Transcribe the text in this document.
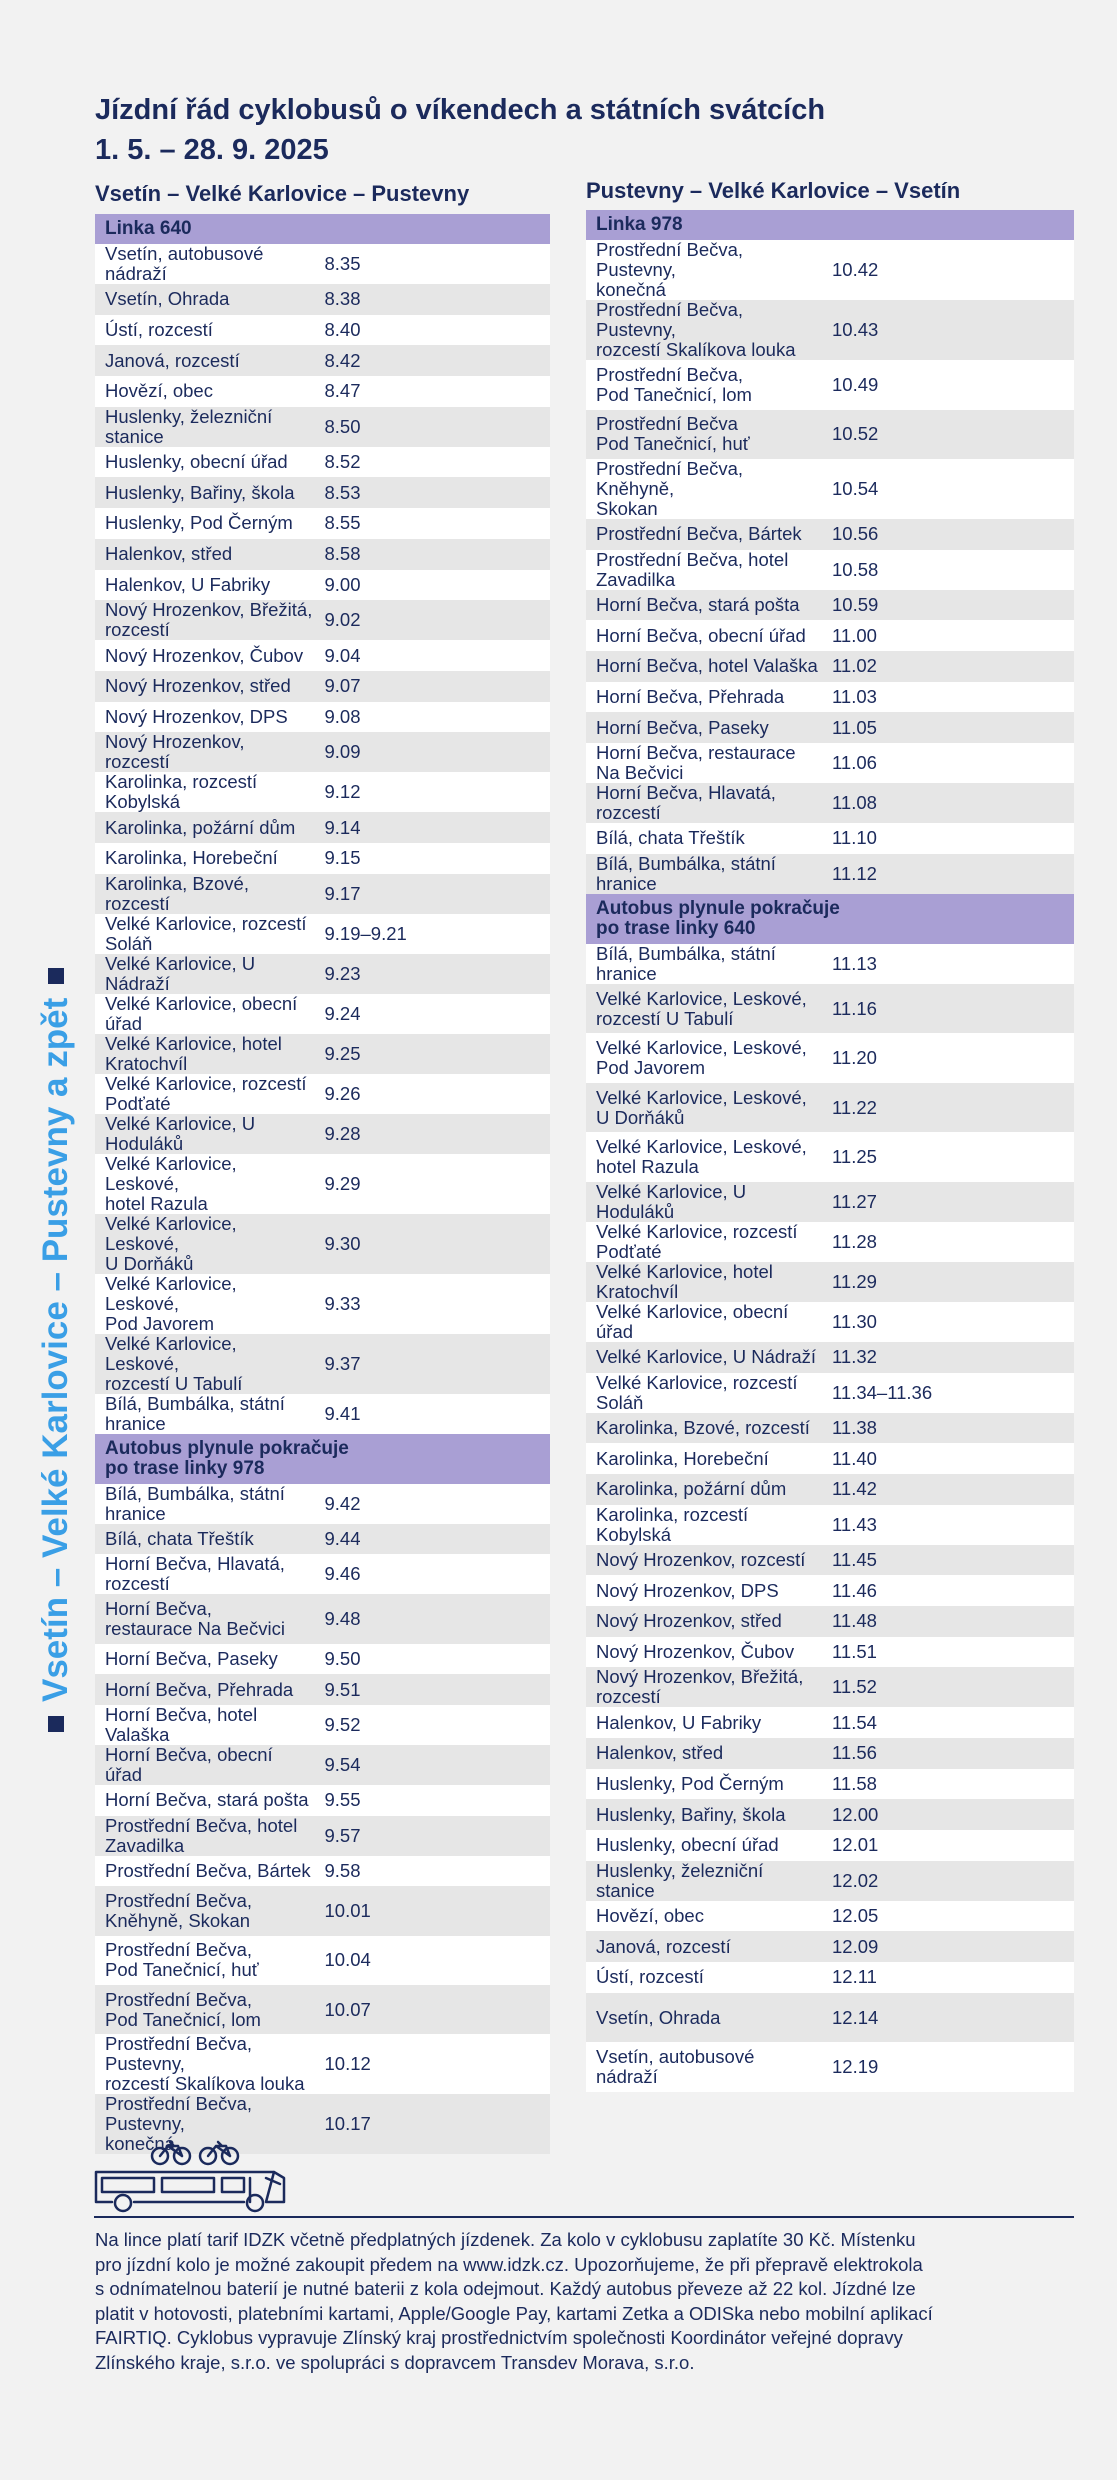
Jízdní řád cyklobusů o víkendech a státních svátcích
1. 5. – 28. 9. 2025
Vsetín – Velké Karlovice – Pustevny
Linka 640	

Vsetín, autobusové nádraží	8.35

Vsetín, Ohrada	8.38

Ústí, rozcestí	8.40

Janová, rozcestí	8.42

Hovězí, obec	8.47

Huslenky, železniční stanice	8.50

Huslenky, obecní úřad	8.52

Huslenky, Bařiny, škola	8.53

Huslenky, Pod Černým	8.55

Halenkov, střed	8.58

Halenkov, U Fabriky	9.00

Nový Hrozenkov, Břežitá, rozcestí	9.02

Nový Hrozenkov, Čubov	9.04

Nový Hrozenkov, střed	9.07

Nový Hrozenkov, DPS	9.08

Nový Hrozenkov, rozcestí	9.09

Karolinka, rozcestí Kobylská	9.12

Karolinka, požární dům	9.14

Karolinka, Horebeční	9.15

Karolinka, Bzové, rozcestí	9.17

Velké Karlovice, rozcestí Soláň	9.19–9.21

Velké Karlovice, U Nádraží	9.23

Velké Karlovice, obecní úřad	9.24

Velké Karlovice, hotel Kratochvíl	9.25

Velké Karlovice, rozcestí Podťaté	9.26

Velké Karlovice, U Hoduláků	9.28

Velké Karlovice, Leskové,
hotel Razula	9.29

Velké Karlovice, Leskové,
U Dorňáků	9.30

Velké Karlovice, Leskové,
Pod Javorem	9.33

Velké Karlovice, Leskové,
rozcestí U Tabulí	9.37

Bílá, Bumbálka, státní hranice	9.41

Autobus plynule pokračuje
po trase linky 978	

Bílá, Bumbálka, státní hranice	9.42

Bílá, chata Třeštík	9.44

Horní Bečva, Hlavatá, rozcestí	9.46

Horní Bečva,
restaurace Na Bečvici	9.48

Horní Bečva, Paseky	9.50

Horní Bečva, Přehrada	9.51

Horní Bečva, hotel Valaška	9.52

Horní Bečva, obecní úřad	9.54

Horní Bečva, stará pošta	9.55

Prostřední Bečva, hotel Zavadilka	9.57

Prostřední Bečva, Bártek	9.58

Prostřední Bečva,
Kněhyně, Skokan	10.01

Prostřední Bečva,
Pod Tanečnicí, huť	10.04

Prostřední Bečva,
Pod Tanečnicí, lom	10.07

Prostřední Bečva, Pustevny,
rozcestí Skalíkova louka	10.12

Prostřední Bečva, Pustevny,
konečná	10.17
Pustevny – Velké Karlovice – Vsetín
Linka 978	

Prostřední Bečva, Pustevny,
konečná	10.42

Prostřední Bečva, Pustevny,
rozcestí Skalíkova louka	10.43

Prostřední Bečva,
Pod Tanečnicí, lom	10.49

Prostřední Bečva
Pod Tanečnicí, huť	10.52

Prostřední Bečva, Kněhyně,
Skokan	10.54

Prostřední Bečva, Bártek	10.56

Prostřední Bečva, hotel Zavadilka	10.58

Horní Bečva, stará pošta	10.59

Horní Bečva, obecní úřad	11.00

Horní Bečva, hotel Valaška	11.02

Horní Bečva, Přehrada	11.03

Horní Bečva, Paseky	11.05

Horní Bečva, restaurace Na Bečvici	11.06

Horní Bečva, Hlavatá, rozcestí	11.08

Bílá, chata Třeštík	11.10

Bílá, Bumbálka, státní hranice	11.12

Autobus plynule pokračuje
po trase linky 640	

Bílá, Bumbálka, státní hranice	11.13

Velké Karlovice, Leskové,
rozcestí U Tabulí	11.16

Velké Karlovice, Leskové,
Pod Javorem	11.20

Velké Karlovice, Leskové,
U Dorňáků	11.22

Velké Karlovice, Leskové,
hotel Razula	11.25

Velké Karlovice, U Hoduláků	11.27

Velké Karlovice, rozcestí Podťaté	11.28

Velké Karlovice, hotel Kratochvíl	11.29

Velké Karlovice, obecní úřad	11.30

Velké Karlovice, U Nádraží	11.32

Velké Karlovice, rozcestí Soláň	11.34–11.36

Karolinka, Bzové, rozcestí	11.38

Karolinka, Horebeční	11.40

Karolinka, požární dům	11.42

Karolinka, rozcestí Kobylská	11.43

Nový Hrozenkov, rozcestí	11.45

Nový Hrozenkov, DPS	11.46

Nový Hrozenkov, střed	11.48

Nový Hrozenkov, Čubov	11.51

Nový Hrozenkov, Břežitá, rozcestí	11.52

Halenkov, U Fabriky	11.54

Halenkov, střed	11.56

Huslenky, Pod Černým	11.58

Huslenky, Bařiny, škola	12.00

Huslenky, obecní úřad	12.01

Huslenky, železniční stanice	12.02

Hovězí, obec	12.05

Janová, rozcestí	12.09

Ústí, rozcestí	12.11

Vsetín, Ohrada	12.14

Vsetín, autobusové nádraží	12.19
Vsetín – Velké Karlovice – Pustevny a zpět
Na lince platí tarif IDZK včetně předplatných jízdenek. Za kolo v cyklobusu zaplatíte 30 Kč. Místenku
pro jízdní kolo je možné zakoupit předem na www.idzk.cz. Upozorňujeme, že při přepravě elektrokola
s odnímatelnou baterií je nutné baterii z kola odejmout. Každý autobus převeze až 22 kol. Jízdné lze
platit v hotovosti, platebními kartami, Apple/Google Pay, kartami Zetka a ODISka nebo mobilní aplikací
FAIRTIQ. Cyklobus vypravuje Zlínský kraj prostřednictvím společnosti Koordinátor veřejné dopravy
Zlínského kraje, s.r.o. ve spolupráci s dopravcem Transdev Morava, s.r.o.
